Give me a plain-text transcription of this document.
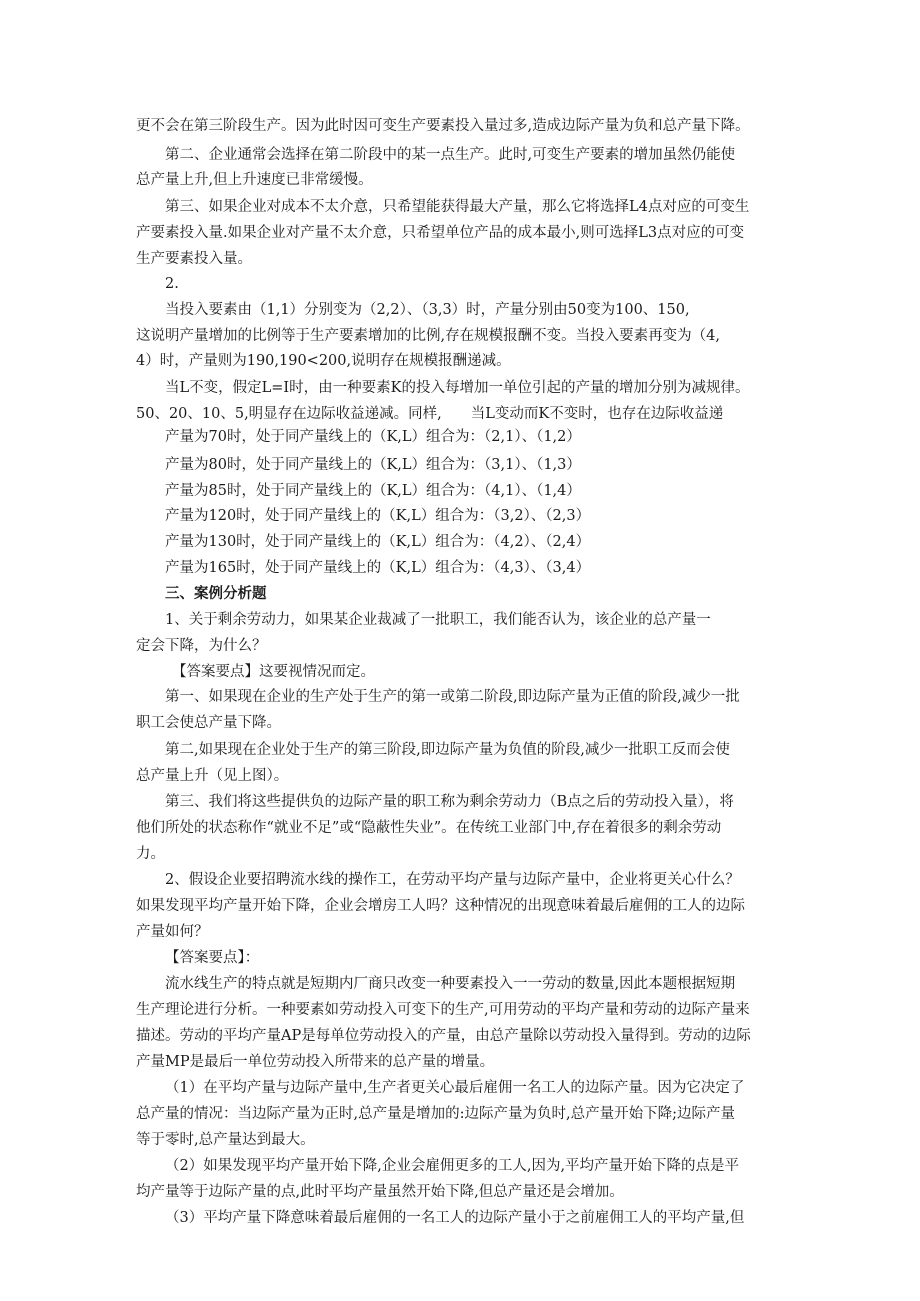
更不会在第三阶段生产。因为此时因可变生产要素投入量过多,造成边际产量为负和总产量下降。
第二、企业通常会选择在第二阶段中的某一点生产。此时,可变生产要素的增加虽然仍能使
总产量上升,但上升速度已非常缓慢。
第三、如果企业对成本不太介意，只希望能获得最大产量，那么它将选择L4点对应的可变生
产要素投入量.如果企业对产量不太介意，只希望单位产品的成本最小,则可选择L3点对应的可变
生产要素投入量。
2.
当投入要素由（1,1）分别变为（2,2）、（3,3）时，产量分别由50变为100、150,
这说明产量增加的比例等于生产要素增加的比例,存在规模报酬不变。当投入要素再变为（4,
4）时，产量则为190,190<200,说明存在规模报酬递减。
当L不变，假定L=I时，由一种要素K的投入每增加一单位引起的产量的增加分别为减规律。
50、20、10、5,明显存在边际收益递减。同样,　　当L变动而K不变时，也存在边际收益递
产量为70时，处于同产量线上的（K,L）组合为：（2,1）、（1,2）
产量为80时，处于同产量线上的（K,L）组合为：（3,1）、（1,3）
产量为85时，处于同产量线上的（K,L）组合为：（4,1）、（1,4）
产量为120时，处于同产量线上的（K,L）组合为：（3,2）、（2,3）
产量为130时，处于同产量线上的（K,L）组合为：（4,2）、（2,4）
产量为165时，处于同产量线上的（K,L）组合为：（4,3）、（3,4）
三、案例分析题
1、关于剩余劳动力，如果某企业裁减了一批职工，我们能否认为，该企业的总产量一
定会下降，为什么？
【答案要点】这要视情况而定。
第一、如果现在企业的生产处于生产的第一或第二阶段,即边际产量为正值的阶段,减少一批
职工会使总产量下降。
第二,如果现在企业处于生产的第三阶段,即边际产量为负值的阶段,减少一批职工反而会使
总产量上升（见上图）。
第三、我们将这些提供负的边际产量的职工称为剩余劳动力（B点之后的劳动投入量），将
他们所处的状态称作“就业不足”或“隐蔽性失业”。在传统工业部门中,存在着很多的剩余劳动
力。
2、假设企业要招聘流水线的操作工，在劳动平均产量与边际产量中，企业将更关心什么？
如果发现平均产量开始下降，企业会增房工人吗？这种情况的出现意味着最后雇佣的工人的边际
产量如何？
【答案要点】：
流水线生产的特点就是短期内厂商只改变一种要素投入一一劳动的数量,因此本题根据短期
生产理论进行分析。一种要素如劳动投入可变下的生产,可用劳动的平均产量和劳动的边际产量来
描述。劳动的平均产量AP是每单位劳动投入的产量，由总产量除以劳动投入量得到。劳动的边际
产量MP是最后一单位劳动投入所带来的总产量的增量。
（1）在平均产量与边际产量中,生产者更关心最后雇佣一名工人的边际产量。因为它决定了
总产量的情况：当边际产量为正时,总产量是增加的:边际产量为负时,总产量开始下降;边际产量
等于零时,总产量达到最大。
（2）如果发现平均产量开始下降,企业会雇佣更多的工人,因为,平均产量开始下降的点是平
均产量等于边际产量的点,此时平均产量虽然开始下降,但总产量还是会增加。
（3）平均产量下降意味着最后雇佣的一名工人的边际产量小于之前雇佣工人的平均产量,但
